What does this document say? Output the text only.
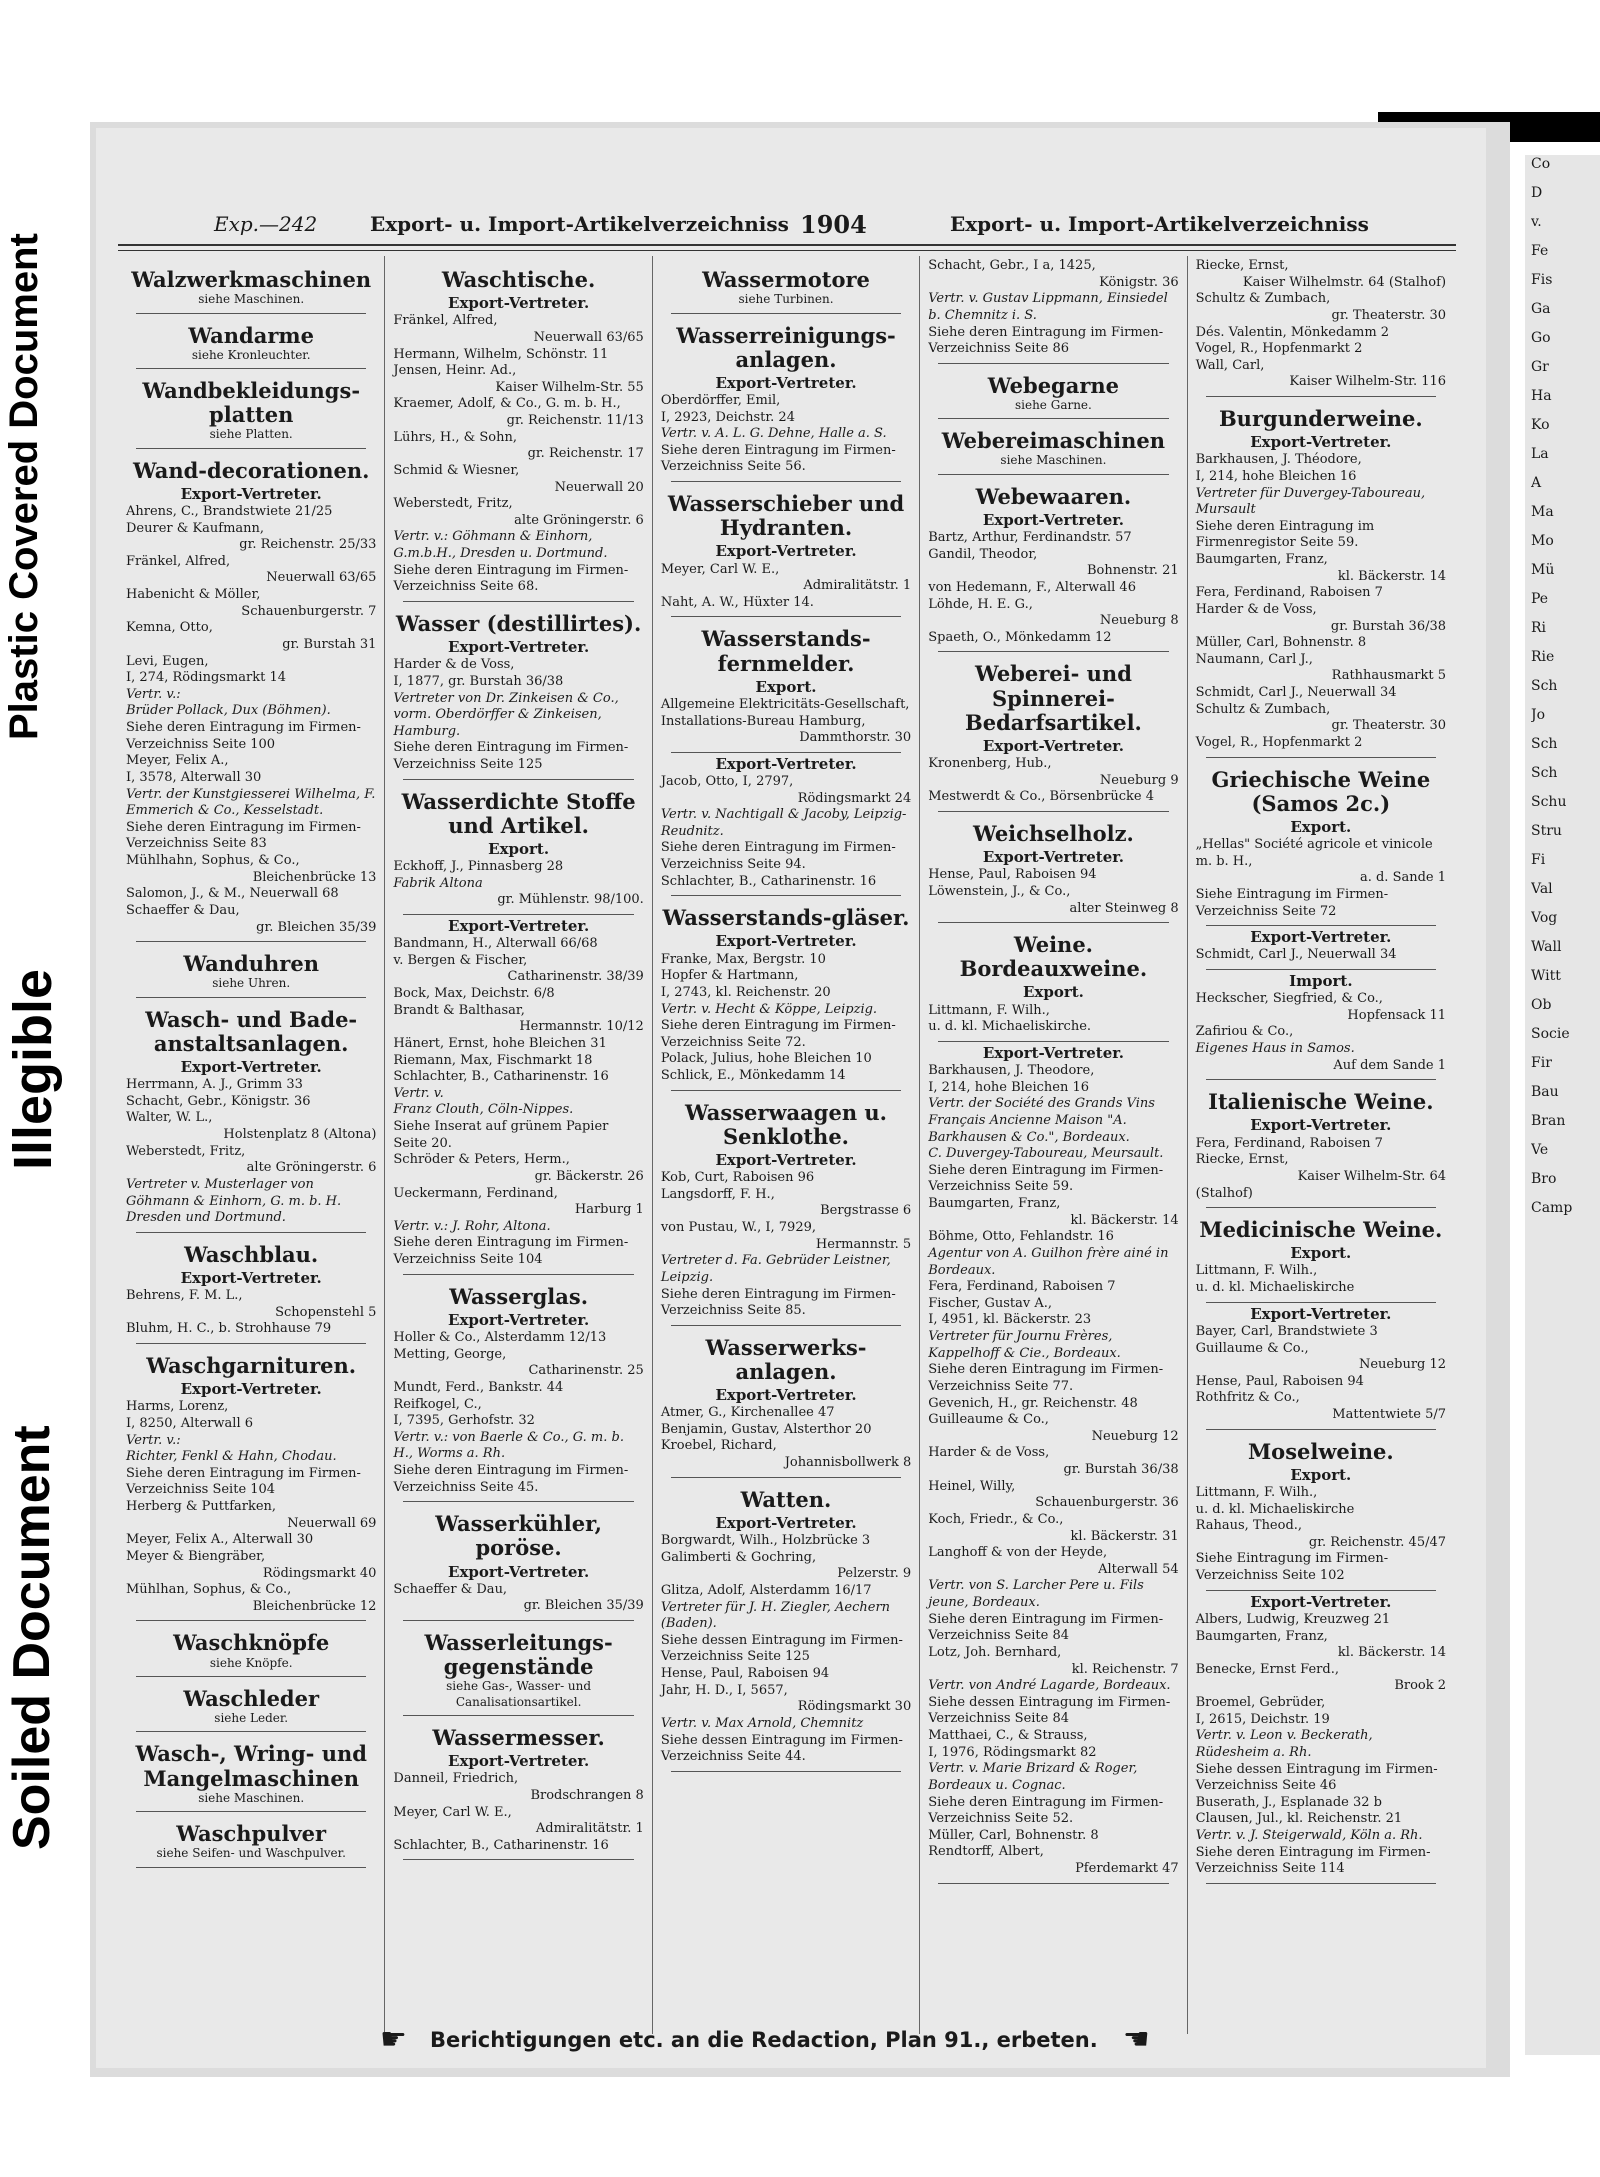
Plastic Covered Document
Illegible
Soiled Document
Co
D
v.
Fe
Fis
Ga
Go
Gr
Ha
Ko
La
A
Ma
Mo
Mü
Pe
Ri
Rie
Sch
Jo
Sch
Sch
Schu
Stru
Fi
Val
Vog
Wall
Witt
Ob
Socie
Fir
Bau
Bran
Ve
Bro
Camp
Exp.—242	Export- u. Import-Artikelverzeichniss 1904	Export- u. Import-Artikelverzeichniss
Walzwerkmaschinen
siehe Maschinen.
Wandarme
siehe Kronleuchter.
Wandbekleidungs-platten
siehe Platten.
Wand-decorationen.
Export-Vertreter.
Ahrens, C., Brandstwiete 21/25
Deurer & Kaufmann,
gr. Reichenstr. 25/33
Fränkel, Alfred,
Neuerwall 63/65
Habenicht & Möller,
Schauenburgerstr. 7
Kemna, Otto,
gr. Burstah 31
Levi, Eugen,
I, 274, Rödingsmarkt 14
Vertr. v.:
Brüder Pollack, Dux (Böhmen).
Siehe deren Eintragung im Firmen-Verzeichniss Seite 100
Meyer, Felix A.,
I, 3578, Alterwall 30
Vertr. der Kunstgiesserei Wilhelma, F. Emmerich & Co., Kesselstadt.
Siehe deren Eintragung im Firmen-Verzeichniss Seite 83
Mühlhahn, Sophus, & Co.,
Bleichenbrücke 13
Salomon, J., & M., Neuerwall 68
Schaeffer & Dau,
gr. Bleichen 35/39
Wanduhren
siehe Uhren.
Wasch- und Bade-anstaltsanlagen.
Export-Vertreter.
Herrmann, A. J., Grimm 33
Schacht, Gebr., Königstr. 36
Walter, W. L.,
Holstenplatz 8 (Altona)
Weberstedt, Fritz,
alte Gröningerstr. 6
Vertreter v. Musterlager von Göhmann & Einhorn, G. m. b. H. Dresden und Dortmund.
Waschblau.
Export-Vertreter.
Behrens, F. M. L.,
Schopenstehl 5
Bluhm, H. C., b. Strohhause 79
Waschgarnituren.
Export-Vertreter.
Harms, Lorenz,
I, 8250, Alterwall 6
Vertr. v.:
Richter, Fenkl & Hahn, Chodau.
Siehe deren Eintragung im Firmen-Verzeichniss Seite 104
Herberg & Puttfarken,
Neuerwall 69
Meyer, Felix A., Alterwall 30
Meyer & Biengräber,
Rödingsmarkt 40
Mühlhan, Sophus, & Co.,
Bleichenbrücke 12
Waschknöpfe
siehe Knöpfe.
Waschleder
siehe Leder.
Wasch-, Wring- und Mangelmaschinen
siehe Maschinen.
Waschpulver
siehe Seifen- und Waschpulver.
Waschtische.
Export-Vertreter.
Fränkel, Alfred,
Neuerwall 63/65
Hermann, Wilhelm, Schönstr. 11
Jensen, Heinr. Ad.,
Kaiser Wilhelm-Str. 55
Kraemer, Adolf, & Co., G. m. b. H.,
gr. Reichenstr. 11/13
Lührs, H., & Sohn,
gr. Reichenstr. 17
Schmid & Wiesner,
Neuerwall 20
Weberstedt, Fritz,
alte Gröningerstr. 6
Vertr. v.: Göhmann & Einhorn, G.m.b.H., Dresden u. Dortmund.
Siehe deren Eintragung im Firmen-Verzeichniss Seite 68.
Wasser (destillirtes).
Export-Vertreter.
Harder & de Voss,
I, 1877, gr. Burstah 36/38
Vertreter von Dr. Zinkeisen & Co., vorm. Oberdörffer & Zinkeisen, Hamburg.
Siehe deren Eintragung im Firmen-Verzeichniss Seite 125
Wasserdichte Stoffe und Artikel.
Export.
Eckhoff, J., Pinnasberg 28
Fabrik Altona
gr. Mühlenstr. 98/100.
Export-Vertreter.
Bandmann, H., Alterwall 66/68
v. Bergen & Fischer,
Catharinenstr. 38/39
Bock, Max, Deichstr. 6/8
Brandt & Balthasar,
Hermannstr. 10/12
Hänert, Ernst, hohe Bleichen 31
Riemann, Max, Fischmarkt 18
Schlachter, B., Catharinenstr. 16
Vertr. v.
Franz Clouth, Cöln-Nippes.
Siehe Inserat auf grünem Papier Seite 20.
Schröder & Peters, Herm.,
gr. Bäckerstr. 26
Ueckermann, Ferdinand,
Harburg 1
Vertr. v.: J. Rohr, Altona.
Siehe deren Eintragung im Firmen-Verzeichniss Seite 104
Wasserglas.
Export-Vertreter.
Holler & Co., Alsterdamm 12/13
Metting, George,
Catharinenstr. 25
Mundt, Ferd., Bankstr. 44
Reifkogel, C.,
I, 7395, Gerhofstr. 32
Vertr. v.: von Baerle & Co., G. m. b. H., Worms a. Rh.
Siehe deren Eintragung im Firmen-Verzeichniss Seite 45.
Wasserkühler, poröse.
Export-Vertreter.
Schaeffer & Dau,
gr. Bleichen 35/39
Wasserleitungs-gegenstände
siehe Gas-, Wasser- und Canalisationsartikel.
Wassermesser.
Export-Vertreter.
Danneil, Friedrich,
Brodschrangen 8
Meyer, Carl W. E.,
Admiralitätstr. 1
Schlachter, B., Catharinenstr. 16
Wassermotore
siehe Turbinen.
Wasserreinigungs-anlagen.
Export-Vertreter.
Oberdörffer, Emil,
I, 2923, Deichstr. 24
Vertr. v. A. L. G. Dehne, Halle a. S.
Siehe deren Eintragung im Firmen-Verzeichniss Seite 56.
Wasserschieber und Hydranten.
Export-Vertreter.
Meyer, Carl W. E.,
Admiralitätstr. 1
Naht, A. W., Hüxter 14.
Wasserstands-fernmelder.
Export.
Allgemeine Elektricitäts-Gesellschaft, Installations-Bureau Hamburg,
Dammthorstr. 30
Export-Vertreter.
Jacob, Otto, I, 2797,
Rödingsmarkt 24
Vertr. v. Nachtigall & Jacoby, Leipzig-Reudnitz.
Siehe deren Eintragung im Firmen-Verzeichniss Seite 94.
Schlachter, B., Catharinenstr. 16
Wasserstands-gläser.
Export-Vertreter.
Franke, Max, Bergstr. 10
Hopfer & Hartmann,
I, 2743, kl. Reichenstr. 20
Vertr. v. Hecht & Köppe, Leipzig.
Siehe deren Eintragung im Firmen-Verzeichniss Seite 72.
Polack, Julius, hohe Bleichen 10
Schlick, E., Mönkedamm 14
Wasserwaagen u. Senklothe.
Export-Vertreter.
Kob, Curt, Raboisen 96
Langsdorff, F. H.,
Bergstrasse 6
von Pustau, W., I, 7929,
Hermannstr. 5
Vertreter d. Fa. Gebrüder Leistner, Leipzig.
Siehe deren Eintragung im Firmen-Verzeichniss Seite 85.
Wasserwerks-anlagen.
Export-Vertreter.
Atmer, G., Kirchenallee 47
Benjamin, Gustav, Alsterthor 20
Kroebel, Richard,
Johannisbollwerk 8
Watten.
Export-Vertreter.
Borgwardt, Wilh., Holzbrücke 3
Galimberti & Gochring,
Pelzerstr. 9
Glitza, Adolf, Alsterdamm 16/17
Vertreter für J. H. Ziegler, Aechern (Baden).
Siehe dessen Eintragung im Firmen-Verzeichniss Seite 125
Hense, Paul, Raboisen 94
Jahr, H. D., I, 5657,
Rödingsmarkt 30
Vertr. v. Max Arnold, Chemnitz
Siehe dessen Eintragung im Firmen-Verzeichniss Seite 44.
Schacht, Gebr., I a, 1425,
Königstr. 36
Vertr. v. Gustav Lippmann, Einsiedel b. Chemnitz i. S.
Siehe deren Eintragung im Firmen-Verzeichniss Seite 86
Webegarne
siehe Garne.
Webereimaschinen
siehe Maschinen.
Webewaaren.
Export-Vertreter.
Bartz, Arthur, Ferdinandstr. 57
Gandil, Theodor,
Bohnenstr. 21
von Hedemann, F., Alterwall 46
Löhde, H. E. G.,
Neueburg 8
Spaeth, O., Mönkedamm 12
Weberei- und Spinnerei-Bedarfsartikel.
Export-Vertreter.
Kronenberg, Hub.,
Neueburg 9
Mestwerdt & Co., Börsenbrücke 4
Weichselholz.
Export-Vertreter.
Hense, Paul, Raboisen 94
Löwenstein, J., & Co.,
alter Steinweg 8
Weine. Bordeauxweine.
Export.
Littmann, F. Wilh.,
u. d. kl. Michaeliskirche.
Export-Vertreter.
Barkhausen, J. Theodore,
I, 214, hohe Bleichen 16
Vertr. der Société des Grands Vins Français Ancienne Maison "A. Barkhausen & Co.", Bordeaux.
C. Duvergey-Taboureau, Meursault.
Siehe deren Eintragung im Firmen-Verzeichniss Seite 59.
Baumgarten, Franz,
kl. Bäckerstr. 14
Böhme, Otto, Fehlandstr. 16
Agentur von A. Guilhon frère ainé in Bordeaux.
Fera, Ferdinand, Raboisen 7
Fischer, Gustav A.,
I, 4951, kl. Bäckerstr. 23
Vertreter für Journu Frères, Kappelhoff & Cie., Bordeaux.
Siehe deren Eintragung im Firmen-Verzeichniss Seite 77.
Gevenich, H., gr. Reichenstr. 48
Guilleaume & Co.,
Neueburg 12
Harder & de Voss,
gr. Burstah 36/38
Heinel, Willy,
Schauenburgerstr. 36
Koch, Friedr., & Co.,
kl. Bäckerstr. 31
Langhoff & von der Heyde,
Alterwall 54
Vertr. von S. Larcher Pere u. Fils jeune, Bordeaux.
Siehe deren Eintragung im Firmen-Verzeichniss Seite 84
Lotz, Joh. Bernhard,
kl. Reichenstr. 7
Vertr. von André Lagarde, Bordeaux.
Siehe dessen Eintragung im Firmen-Verzeichniss Seite 84
Matthaei, C., & Strauss,
I, 1976, Rödingsmarkt 82
Vertr. v. Marie Brizard & Roger, Bordeaux u. Cognac.
Siehe deren Eintragung im Firmen-Verzeichniss Seite 52.
Müller, Carl, Bohnenstr. 8
Rendtorff, Albert,
Pferdemarkt 47
Riecke, Ernst,
Kaiser Wilhelmstr. 64 (Stalhof)
Schultz & Zumbach,
gr. Theaterstr. 30
Dés. Valentin, Mönkedamm 2
Vogel, R., Hopfenmarkt 2
Wall, Carl,
Kaiser Wilhelm-Str. 116
Burgunderweine.
Export-Vertreter.
Barkhausen, J. Théodore,
I, 214, hohe Bleichen 16
Vertreter für Duvergey-Taboureau, Mursault
Siehe deren Eintragung im Firmenregistor Seite 59.
Baumgarten, Franz,
kl. Bäckerstr. 14
Fera, Ferdinand, Raboisen 7
Harder & de Voss,
gr. Burstah 36/38
Müller, Carl, Bohnenstr. 8
Naumann, Carl J.,
Rathhausmarkt 5
Schmidt, Carl J., Neuerwall 34
Schultz & Zumbach,
gr. Theaterstr. 30
Vogel, R., Hopfenmarkt 2
Griechische Weine (Samos 2c.)
Export.
„Hellas" Société agricole et vinicole m. b. H.,
a. d. Sande 1
Siehe Eintragung im Firmen-Verzeichniss Seite 72
Export-Vertreter.
Schmidt, Carl J., Neuerwall 34
Import.
Heckscher, Siegfried, & Co.,
Hopfensack 11
Zafiriou & Co.,
Eigenes Haus in Samos.
Auf dem Sande 1
Italienische Weine.
Export-Vertreter.
Fera, Ferdinand, Raboisen 7
Riecke, Ernst,
Kaiser Wilhelm-Str. 64
(Stalhof)
Medicinische Weine.
Export.
Littmann, F. Wilh.,
u. d. kl. Michaeliskirche
Export-Vertreter.
Bayer, Carl, Brandstwiete 3
Guillaume & Co.,
Neueburg 12
Hense, Paul, Raboisen 94
Rothfritz & Co.,
Mattentwiete 5/7
Moselweine.
Export.
Littmann, F. Wilh.,
u. d. kl. Michaeliskirche
Rahaus, Theod.,
gr. Reichenstr. 45/47
Siehe Eintragung im Firmen-Verzeichniss Seite 102
Export-Vertreter.
Albers, Ludwig, Kreuzweg 21
Baumgarten, Franz,
kl. Bäckerstr. 14
Benecke, Ernst Ferd.,
Brook 2
Broemel, Gebrüder,
I, 2615, Deichstr. 19
Vertr. v. Leon v. Beckerath, Rüdesheim a. Rh.
Siehe dessen Eintragung im Firmen-Verzeichniss Seite 46
Buserath, J., Esplanade 32 b
Clausen, Jul., kl. Reichenstr. 21
Vertr. v. J. Steigerwald, Köln a. Rh.
Siehe deren Eintragung im Firmen-Verzeichniss Seite 114
☛ Berichtigungen etc. an die Redaction, Plan 91., erbeten. ☚
